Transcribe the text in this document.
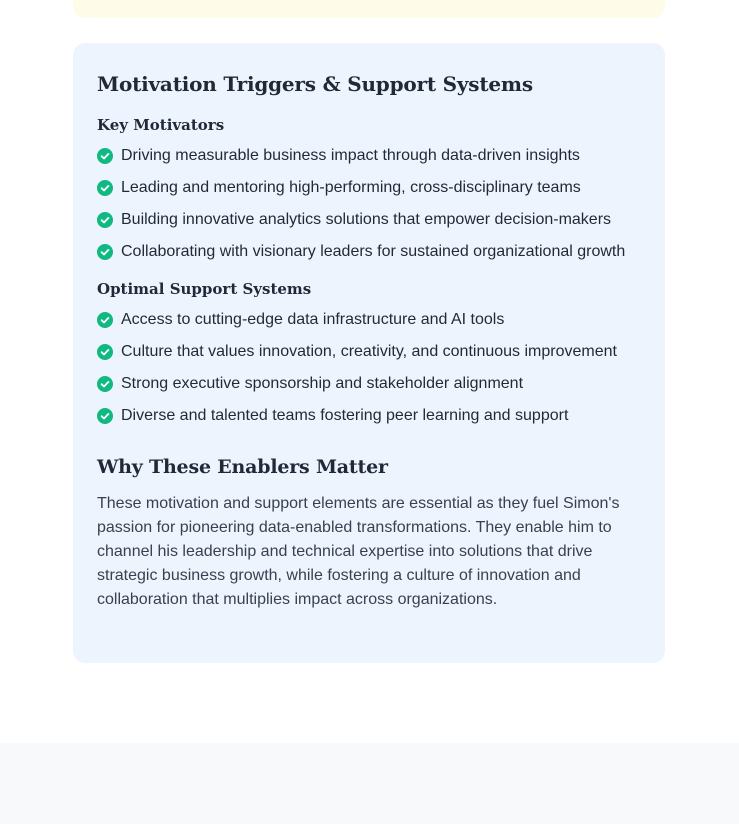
Motivation Triggers & Support Systems
Key Motivators
Driving measurable business impact through data-driven insights
Leading and mentoring high-performing, cross-disciplinary teams
Building innovative analytics solutions that empower decision-makers
Collaborating with visionary leaders for sustained organizational growth
Optimal Support Systems
Access to cutting-edge data infrastructure and AI tools
Culture that values innovation, creativity, and continuous improvement
Strong executive sponsorship and stakeholder alignment
Diverse and talented teams fostering peer learning and support
Why These Enablers Matter

These motivation and support elements are essential as they fuel Simon's passion for pioneering data-enabled transformations. They enable him to channel his leadership and technical expertise into solutions that drive strategic business growth, while fostering a culture of innovation and collaboration that multiplies impact across organizations.
